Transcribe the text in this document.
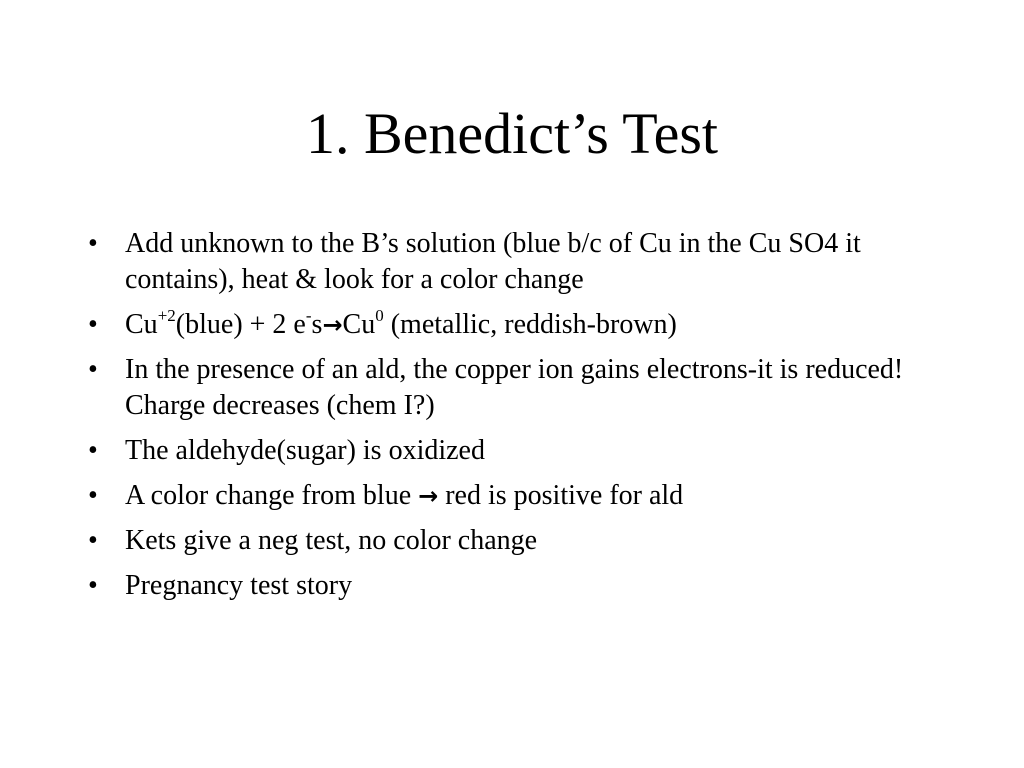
1. Benedict’s Test
• Add unknown to the B’s solution (blue b/c of Cu in the Cu SO4 it contains), heat & look for a color change
• $Cu^{+2}(blue) + 2$ $e^-s\to Cu^0$ (metallic, reddish-brown)
• In the presence of an ald, the copper ion gains electrons-it is reduced! Charge decreases (chem I?)
• The aldehyde(sugar) is oxidized
• A color change from blue → red is positive for ald
• Kets give a neg test, no color change
• Pregnancy test story
